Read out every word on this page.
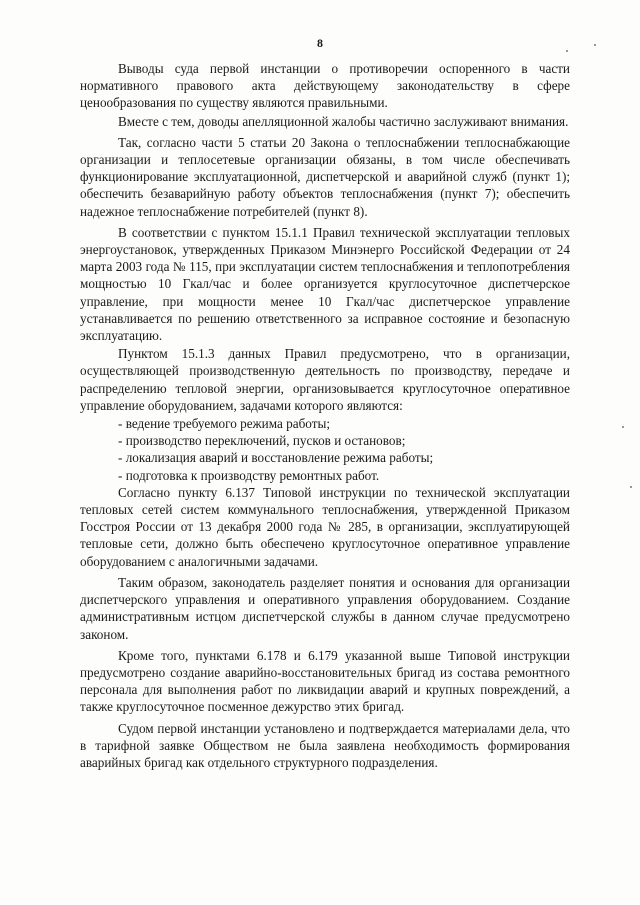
8

Выводы суда первой инстанции о противоречии оспоренного в части нормативного правового акта действующему законодательству в сфере ценообразования по существу являются правильными.

Вместе с тем, доводы апелляционной жалобы частично заслуживают внимания.

Так, согласно части 5 статьи 20 Закона о теплоснабжении теплоснабжающие организации и теплосетевые организации обязаны, в том числе обеспечивать функционирование эксплуатационной, диспетчерской и аварийной служб (пункт 1); обеспечить безаварийную работу объектов теплоснабжения (пункт 7); обеспечить надежное теплоснабжение потребителей (пункт 8).

В соответствии с пунктом 15.1.1 Правил технической эксплуатации тепловых энергоустановок, утвержденных Приказом Минэнерго Российской Федерации от 24 марта 2003 года № 115, при эксплуатации систем теплоснабжения и теплопотребления мощностью 10 Гкал/час и более организуется круглосуточное диспетчерское управление, при мощности менее 10 Гкал/час диспетчерское управление устанавливается по решению ответственного за исправное состояние и безопасную эксплуатацию.

Пунктом 15.1.3 данных Правил предусмотрено, что в организации, осуществляющей производственную деятельность по производству, передаче и распределению тепловой энергии, организовывается круглосуточное оперативное управление оборудованием, задачами которого являются:

- ведение требуемого режима работы;

- производство переключений, пусков и остановов;

- локализация аварий и восстановление режима работы;

- подготовка к производству ремонтных работ.

Согласно пункту 6.137 Типовой инструкции по технической эксплуатации тепловых сетей систем коммунального теплоснабжения, утвержденной Приказом Госстроя России от 13 декабря 2000 года № 285, в организации, эксплуатирующей тепловые сети, должно быть обеспечено круглосуточное оперативное управление оборудованием с аналогичными задачами.

Таким образом, законодатель разделяет понятия и основания для организации диспетчерского управления и оперативного управления оборудованием. Создание административным истцом диспетчерской службы в данном случае предусмотрено законом.

Кроме того, пунктами 6.178 и 6.179 указанной выше Типовой инструкции предусмотрено создание аварийно-восстановительных бригад из состава ремонтного персонала для выполнения работ по ликвидации аварий и крупных повреждений, а также круглосуточное посменное дежурство этих бригад.

Судом первой инстанции установлено и подтверждается материалами дела, что в тарифной заявке Обществом не была заявлена необходимость формирования аварийных бригад как отдельного структурного подразделения.
